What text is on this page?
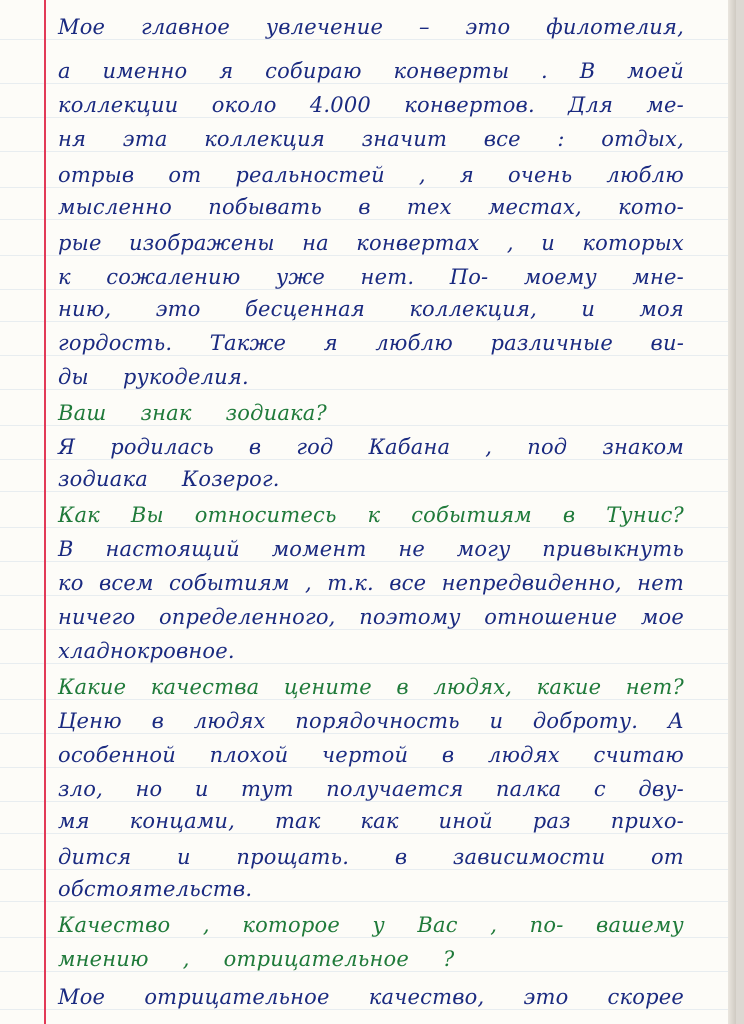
Мое главное увлечение – это филотелия,
а именно я собираю конверты . В моей
коллекции около 4.000 конвертов. Для ме-
ня эта коллекция значит все : отдых,
отрыв от реальностей , я очень люблю
мысленно побывать в тех местах, кото-
рые изображены на конвертах , и которых
к сожалению уже нет. По- моему мне-
нию, это бесценная коллекция, и моя
гордость. Также я люблю различные ви-
ды рукоделия.
Ваш знак зодиака?
Я родилась в год Кабана , под знаком
зодиака Козерог.
Как Вы относитесь к событиям в Тунис?
В настоящий момент не могу привыкнуть
ко всем событиям , т.к. все непредвиденно, нет
ничего определенного, поэтому отношение мое
хладнокровное.
Какие качества цените в людях, какие нет?
Ценю в людях порядочность и доброту. А
особенной плохой чертой в людях считаю
зло, но и тут получается палка с дву-
мя концами, так как иной раз прихо-
дится и прощать. в зависимости от
обстоятельств.
Качество , которое у Вас , по- вашему
мнению , отрицательное ?
Мое отрицательное качество, это скорее
